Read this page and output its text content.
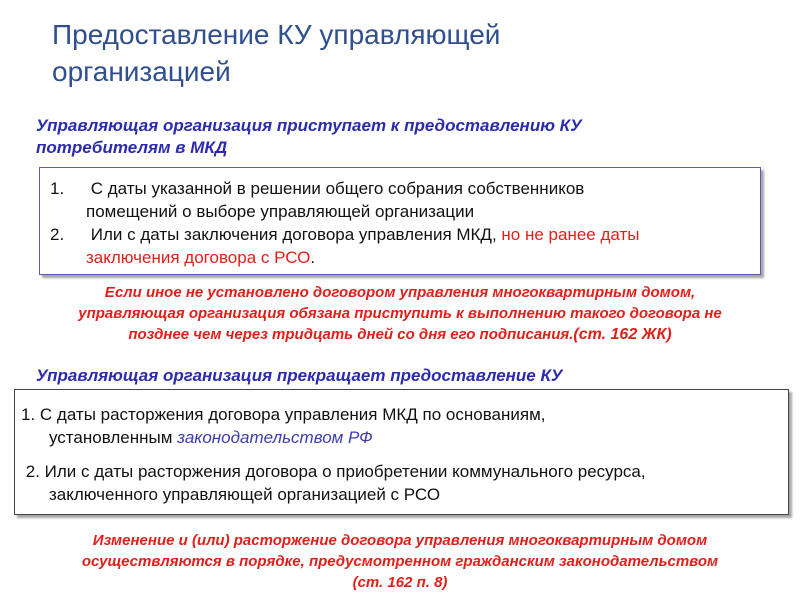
Предоставление КУ управляющей
организацией
Управляющая организация приступает к предоставлению КУ
потребителям в МКД
1. С даты указанной в решении общего собрания собственников
помещений о выборе управляющей организации
2. Или с даты заключения договора управления МКД, но не ранее даты
заключения договора с РСО.
Если иное не установлено договором управления многоквартирным домом,
управляющая организация обязана приступить к выполнению такого договора не
позднее чем через тридцать дней со дня его подписания.(ст. 162 ЖК)
Управляющая организация прекращает предоставление КУ
1. С даты расторжения договора управления МКД по основаниям,
установленным законодательством РФ
2. Или с даты расторжения договора о приобретении коммунального ресурса,
заключенного управляющей организацией с РСО
Изменение и (или) расторжение договора управления многоквартирным домом
осуществляются в порядке, предусмотренном гражданским законодательством
(ст. 162 п. 8)
